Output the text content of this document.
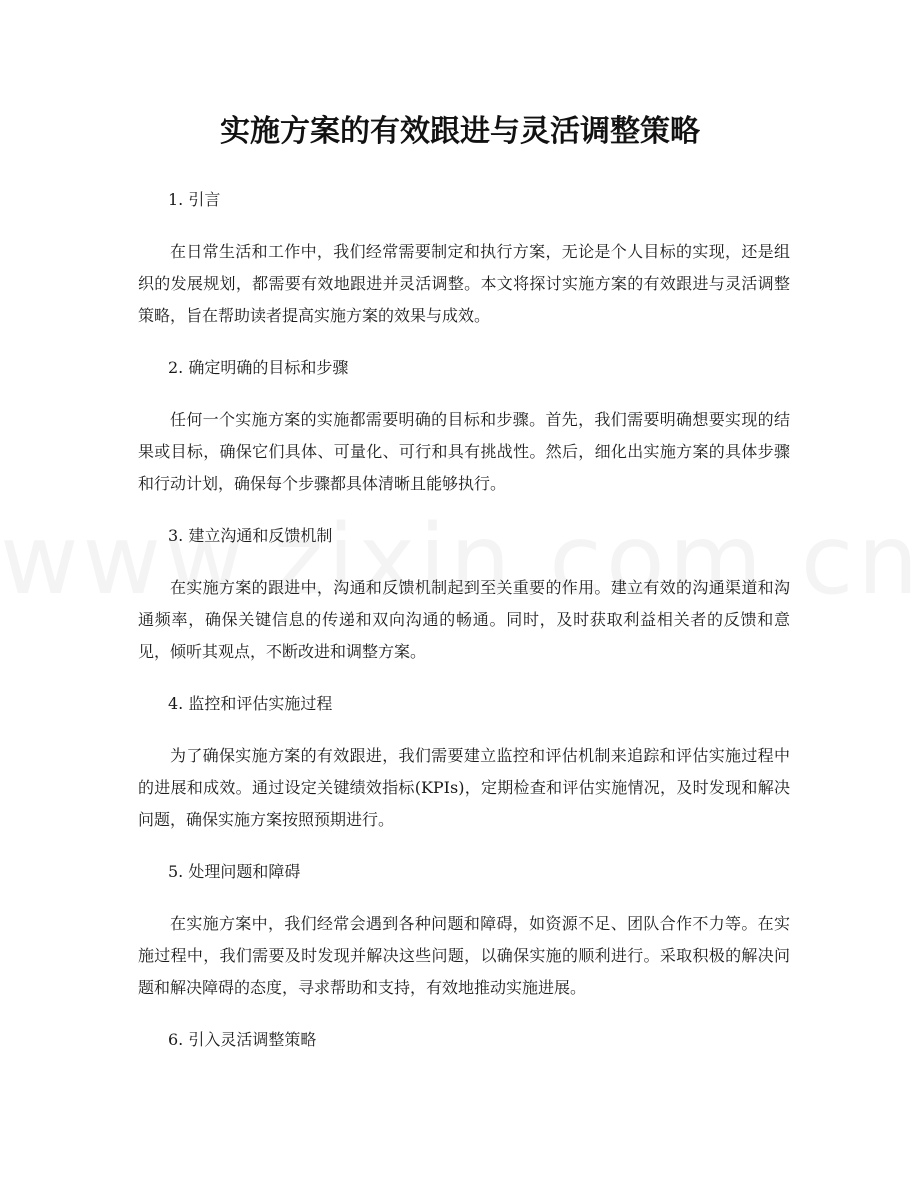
实施方案的有效跟进与灵活调整策略

1. 引言

在日常生活和工作中，我们经常需要制定和执行方案，无论是个人目标的实现，还是组织的发展规划，都需要有效地跟进并灵活调整。本文将探讨实施方案的有效跟进与灵活调整策略，旨在帮助读者提高实施方案的效果与成效。

2. 确定明确的目标和步骤

任何一个实施方案的实施都需要明确的目标和步骤。首先，我们需要明确想要实现的结果或目标，确保它们具体、可量化、可行和具有挑战性。然后，细化出实施方案的具体步骤和行动计划，确保每个步骤都具体清晰且能够执行。

3. 建立沟通和反馈机制

在实施方案的跟进中，沟通和反馈机制起到至关重要的作用。建立有效的沟通渠道和沟通频率，确保关键信息的传递和双向沟通的畅通。同时，及时获取利益相关者的反馈和意见，倾听其观点，不断改进和调整方案。

4. 监控和评估实施过程

为了确保实施方案的有效跟进，我们需要建立监控和评估机制来追踪和评估实施过程中的进展和成效。通过设定关键绩效指标(KPIs)，定期检查和评估实施情况，及时发现和解决问题，确保实施方案按照预期进行。

5. 处理问题和障碍

在实施方案中，我们经常会遇到各种问题和障碍，如资源不足、团队合作不力等。在实施过程中，我们需要及时发现并解决这些问题，以确保实施的顺利进行。采取积极的解决问题和解决障碍的态度，寻求帮助和支持，有效地推动实施进展。

6. 引入灵活调整策略
